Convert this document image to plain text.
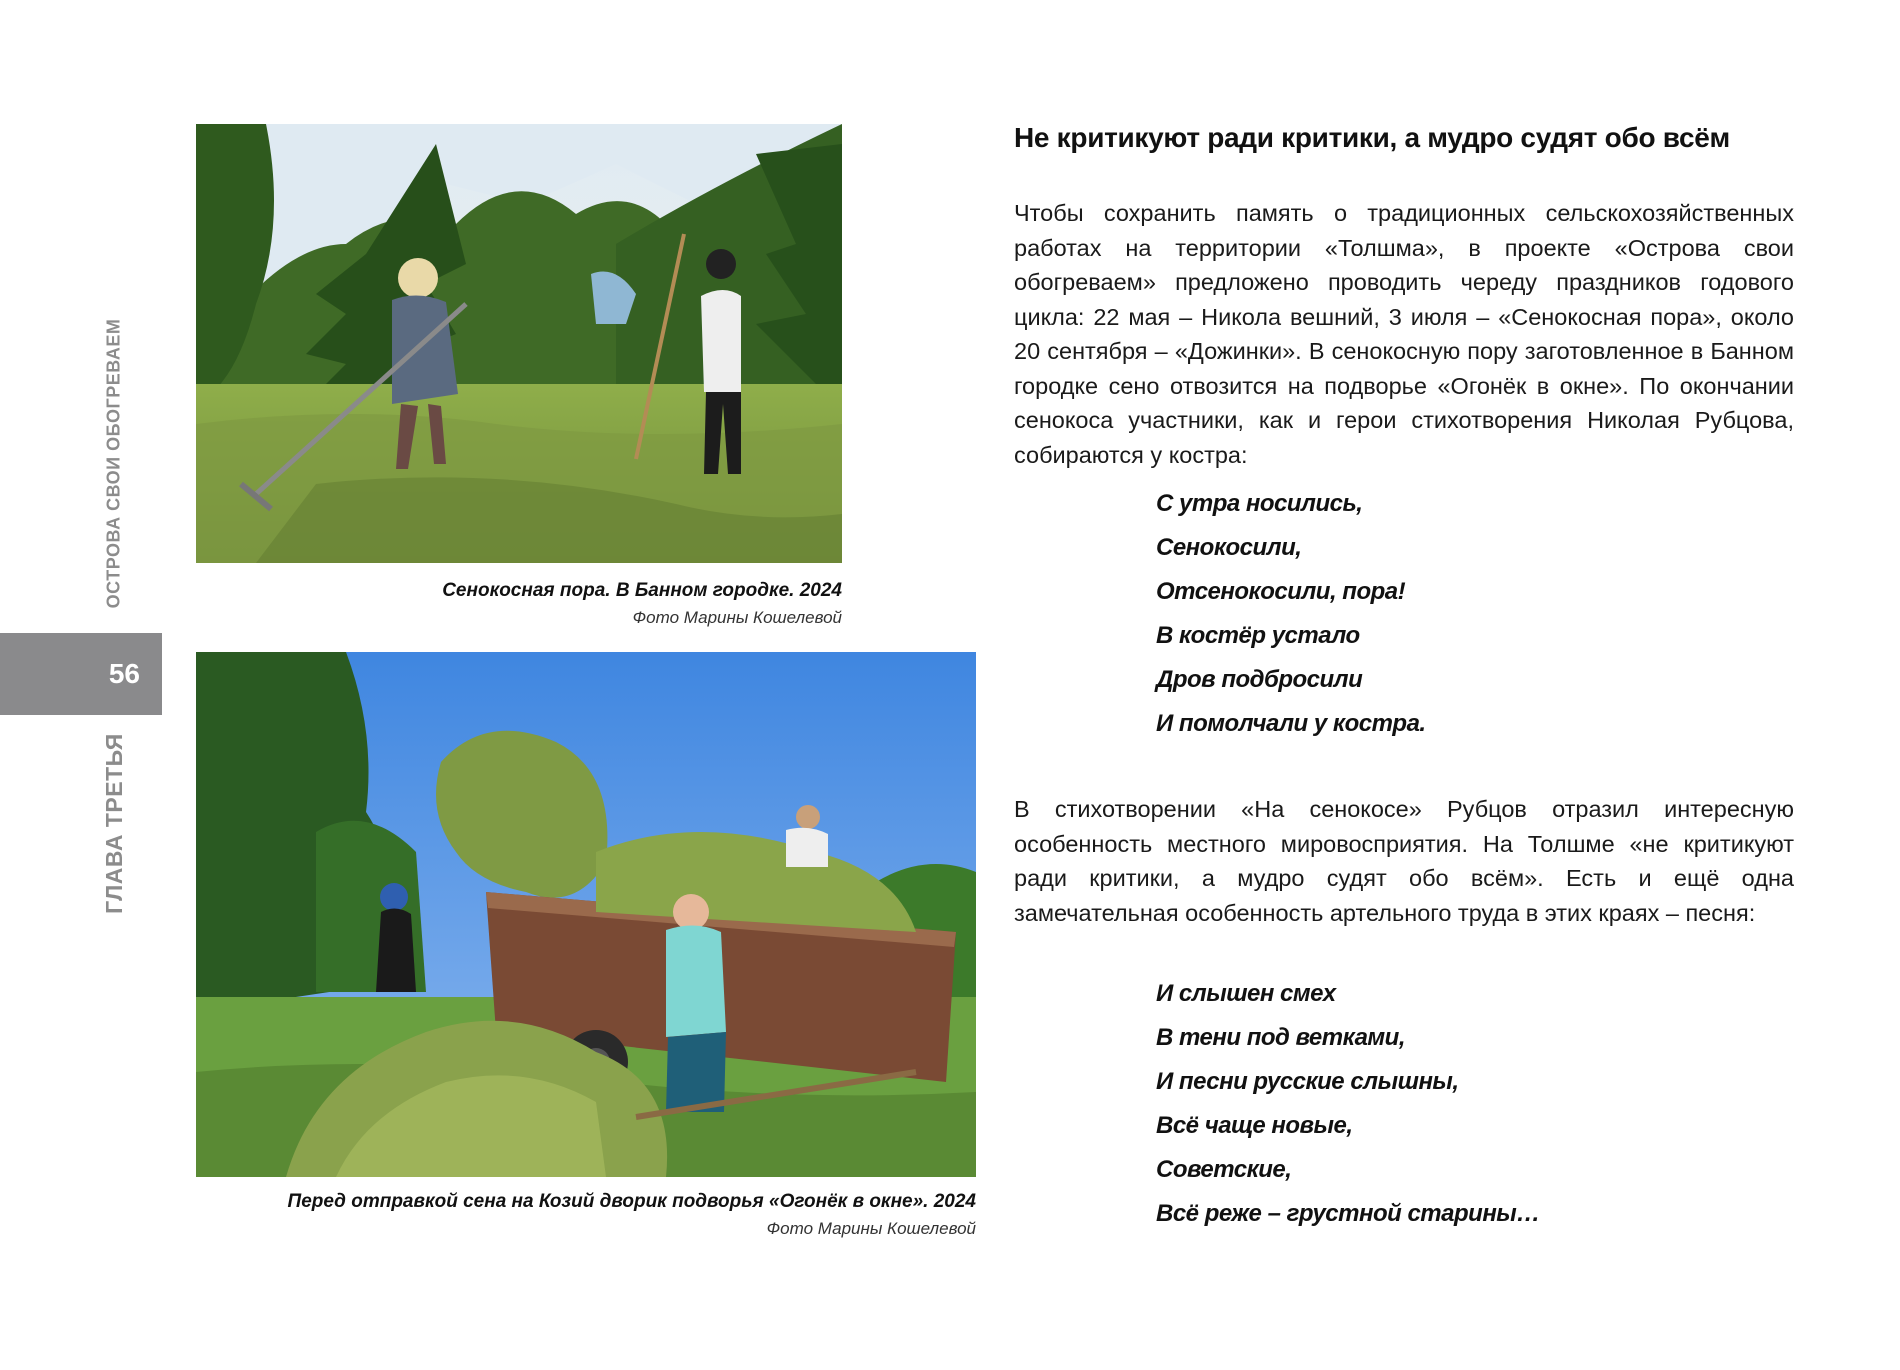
ОСТРОВА СВОИ ОБОГРЕВАЕМ
56
ГЛАВА ТРЕТЬЯ
Сенокосная пора. В Банном городке. 2024
Фото Марины Кошелевой
Перед отправкой сена на Козий дворик подворья «Огонёк в окне». 2024
Фото Марины Кошелевой
Не критикуют ради критики, а мудро судят обо всём
Чтобы сохранить память о традиционных сельскохозяйственных работах на территории «Толшма», в проекте «Острова свои обогреваем» предложено проводить череду праздников годового цикла: 22 мая – Никола вешний, 3 июля – «Сенокосная пора», около 20 сентября – «Дожинки». В сенокосную пору заготовленное в Банном городке сено отвозится на подворье «Огонёк в окне». По окончании сенокоса участники, как и герои стихотворения Николая Рубцова, собираются у костра:
С утра носились,
Сенокосили,
Отсенокосили, пора!
В костёр устало
Дров подбросили
И помолчали у костра.
В стихотворении «На сенокосе» Рубцов отразил интересную особенность местного мировосприятия. На Толшме «не критикуют ради критики, а мудро судят обо всём». Есть и ещё одна замечательная особенность артельного труда в этих краях – песня:
И слышен смех
В тени под ветками,
И песни русские слышны,
Всё чаще новые,
Советские,
Всё реже – грустной старины…
